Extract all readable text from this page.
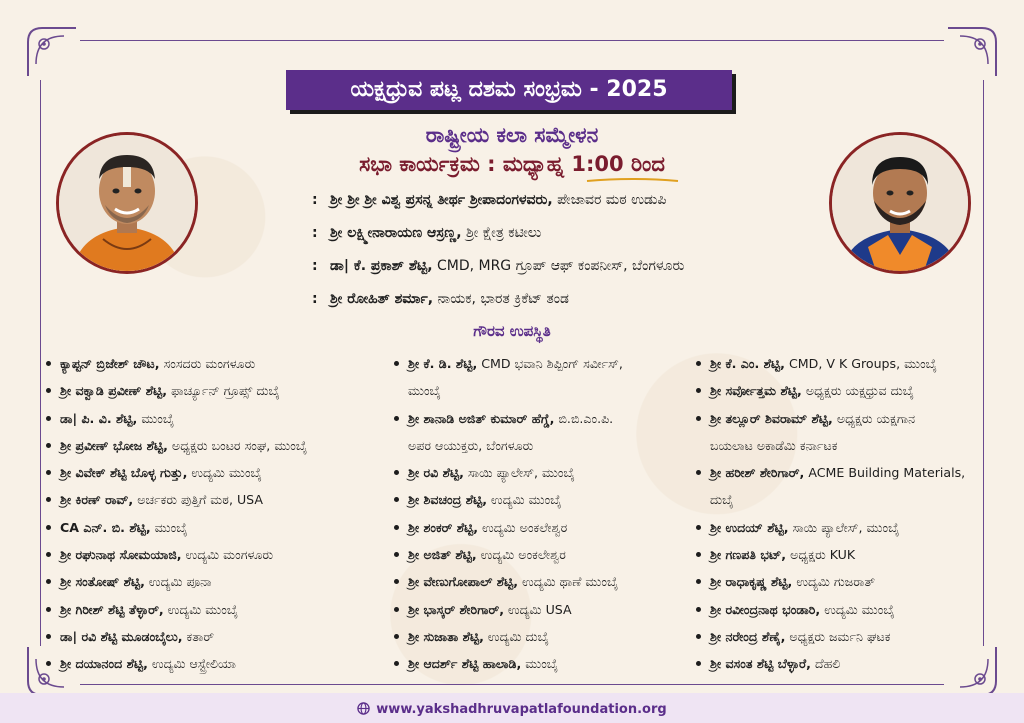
ಯಕ್ಷಧ್ರುವ ಪಟ್ಲ ದಶಮ ಸಂಭ್ರಮ - 2025
ರಾಷ್ಟ್ರೀಯ ಕಲಾ ಸಮ್ಮೇಳನ
ಸಭಾ ಕಾರ್ಯಕ್ರಮ : ಮಧ್ಯಾಹ್ನ 1:00 ರಿಂದ
: ಶ್ರೀ ಶ್ರೀ ಶ್ರೀ ವಿಶ್ವ ಪ್ರಸನ್ನ ತೀರ್ಥ ಶ್ರೀಪಾದಂಗಳವರು, ಪೇಜಾವರ ಮಠ ಉಡುಪಿ
: ಶ್ರೀ ಲಕ್ಷ್ಮೀನಾರಾಯಣ ಆಸ್ರಣ್ಣ, ಶ್ರೀ ಕ್ಷೇತ್ರ ಕಟೀಲು
: ಡಾ| ಕೆ. ಪ್ರಕಾಶ್ ಶೆಟ್ಟಿ, CMD, MRG ಗ್ರೂಪ್ ಆಫ್ ಕಂಪನೀಸ್, ಬೆಂಗಳೂರು
: ಶ್ರೀ ರೋಹಿತ್ ಶರ್ಮಾ, ನಾಯಕ, ಭಾರತ ಕ್ರಿಕೆಟ್ ತಂಡ
ಗೌರವ ಉಪಸ್ಥಿತಿ
ಕ್ಯಾಪ್ಟನ್ ಬ್ರಿಜೇಶ್ ಚೌಟ, ಸಂಸದರು ಮಂಗಳೂರು
ಶ್ರೀ ವಕ್ವಾಡಿ ಪ್ರವೀಣ್ ಶೆಟ್ಟಿ, ಫಾರ್ಚ್ಯೂನ್ ಗ್ರೂಪ್ಸ್ ದುಬೈ
ಡಾ| ಪಿ. ವಿ. ಶೆಟ್ಟಿ, ಮುಂಬೈ
ಶ್ರೀ ಪ್ರವೀಣ್ ಭೋಜ ಶೆಟ್ಟಿ, ಅಧ್ಯಕ್ಷರು ಬಂಟರ ಸಂಘ, ಮುಂಬೈ
ಶ್ರೀ ವಿವೇಕ್ ಶೆಟ್ಟಿ ಬೊಳ್ಳ ಗುತ್ತು, ಉದ್ಯಮಿ ಮುಂಬೈ
ಶ್ರೀ ಕಿರಣ್ ರಾವ್, ಅರ್ಚಕರು ಪುತ್ತಿಗೆ ಮಠ, USA
CA ಎನ್. ಬಿ. ಶೆಟ್ಟಿ, ಮುಂಬೈ
ಶ್ರೀ ರಘುನಾಥ ಸೋಮಯಾಜಿ, ಉದ್ಯಮಿ ಮಂಗಳೂರು
ಶ್ರೀ ಸಂತೋಷ್ ಶೆಟ್ಟಿ, ಉದ್ಯಮಿ ಪೂನಾ
ಶ್ರೀ ಗಿರೀಶ್ ಶೆಟ್ಟಿ ತೆಳ್ಳಾರ್, ಉದ್ಯಮಿ ಮುಂಬೈ
ಡಾ| ರವಿ ಶೆಟ್ಟಿ ಮೂಡಂಬೈಲು, ಕತಾರ್
ಶ್ರೀ ದಯಾನಂದ ಶೆಟ್ಟಿ, ಉದ್ಯಮಿ ಆಸ್ಟ್ರೇಲಿಯಾ
ಶ್ರೀ ಕೆ. ಡಿ. ಶೆಟ್ಟಿ, CMD ಭವಾನಿ ಶಿಪ್ಪಿಂಗ್ ಸರ್ವೀಸ್,
ಮುಂಬೈ
ಶ್ರೀ ಶಾನಾಡಿ ಅಜಿತ್ ಕುಮಾರ್ ಹೆಗ್ಡೆ, ಬಿ.ಬಿ.ಎಂ.ಪಿ.
ಅಪರ ಆಯುಕ್ತರು, ಬೆಂಗಳೂರು
ಶ್ರೀ ರವಿ ಶೆಟ್ಟಿ, ಸಾಯಿ ಪ್ಯಾಲೇಸ್, ಮುಂಬೈ
ಶ್ರೀ ಶಿವಚಂದ್ರ ಶೆಟ್ಟಿ, ಉದ್ಯಮಿ ಮುಂಬೈ
ಶ್ರೀ ಶಂಕರ್ ಶೆಟ್ಟಿ, ಉದ್ಯಮಿ ಅಂಕಲೇಶ್ವರ
ಶ್ರೀ ಅಜಿತ್ ಶೆಟ್ಟಿ, ಉದ್ಯಮಿ ಅಂಕಲೇಶ್ವರ
ಶ್ರೀ ವೇಣುಗೋಪಾಲ್ ಶೆಟ್ಟಿ, ಉದ್ಯಮಿ ಥಾಣೆ ಮುಂಬೈ
ಶ್ರೀ ಭಾಸ್ಕರ್ ಶೇರಿಗಾರ್, ಉದ್ಯಮಿ USA
ಶ್ರೀ ಸುಜಾತಾ ಶೆಟ್ಟಿ, ಉದ್ಯಮಿ ದುಬೈ
ಶ್ರೀ ಆದರ್ಶ್ ಶೆಟ್ಟಿ ಹಾಲಾಡಿ, ಮುಂಬೈ
ಶ್ರೀ ಕೆ. ಎಂ. ಶೆಟ್ಟಿ, CMD, V K Groups, ಮುಂಬೈ
ಶ್ರೀ ಸರ್ವೋತ್ತಮ ಶೆಟ್ಟಿ, ಅಧ್ಯಕ್ಷರು ಯಕ್ಷಧ್ರುವ ದುಬೈ
ಶ್ರೀ ತಲ್ಲೂರ್ ಶಿವರಾಮ್ ಶೆಟ್ಟಿ, ಅಧ್ಯಕ್ಷರು ಯಕ್ಷಗಾನ
ಬಯಲಾಟ ಅಕಾಡೆಮಿ ಕರ್ನಾಟಕ
ಶ್ರೀ ಹರೀಶ್ ಶೇರಿಗಾರ್, ACME Building Materials,
ದುಬೈ
ಶ್ರೀ ಉದಯ್ ಶೆಟ್ಟಿ, ಸಾಯಿ ಪ್ಯಾಲೇಸ್, ಮುಂಬೈ
ಶ್ರೀ ಗಣಪತಿ ಭಟ್, ಅಧ್ಯಕ್ಷರು KUK
ಶ್ರೀ ರಾಧಾಕೃಷ್ಣ ಶೆಟ್ಟಿ, ಉದ್ಯಮಿ ಗುಜರಾತ್
ಶ್ರೀ ರವೀಂದ್ರನಾಥ ಭಂಡಾರಿ, ಉದ್ಯಮಿ ಮುಂಬೈ
ಶ್ರೀ ನರೇಂದ್ರ ಶೆಣೈ, ಅಧ್ಯಕ್ಷರು ಜರ್ಮನಿ ಘಟಕ
ಶ್ರೀ ವಸಂತ ಶೆಟ್ಟಿ ಬೆಳ್ಳಾರೆ, ದೆಹಲಿ
www.yakshadhruvapatlafoundation.org
